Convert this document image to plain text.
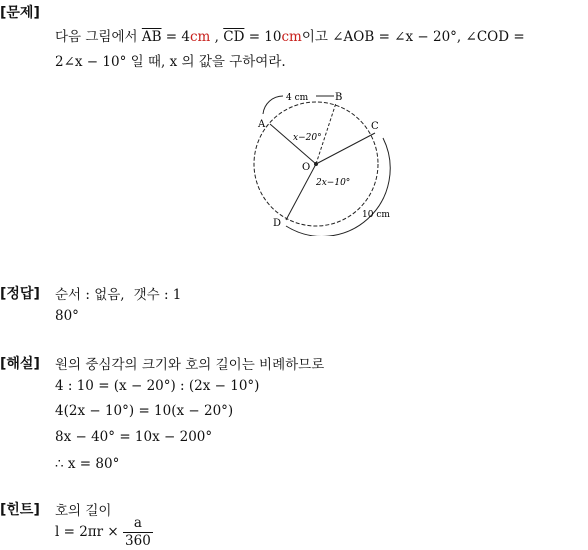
[문제]
다음 그림에서 $\overline{AB} = 4cm$ , $\overline{CD} = 10cm$이고 ∠AOB = ∠x − 20°, ∠COD =
2∠x − 10° 일 때, x 의 값을 구하여라.
4 cm	B
A	C
O
x−20°
2x−10°
D
10 cm
[정답] 순서 : 없음, 갯수 : 1
80°
[해설] 원의 중심각의 크기와 호의 길이는 비례하므로
4 : 10 = (x − 20°) : (2x − 10°)
4(2x − 10°) = 10(x − 20°)
8x − 40° = 10x − 200°
∴ x = 80°
[힌트] 호의 길이
$l = 2\pi r \times \frac{a}{360}$
